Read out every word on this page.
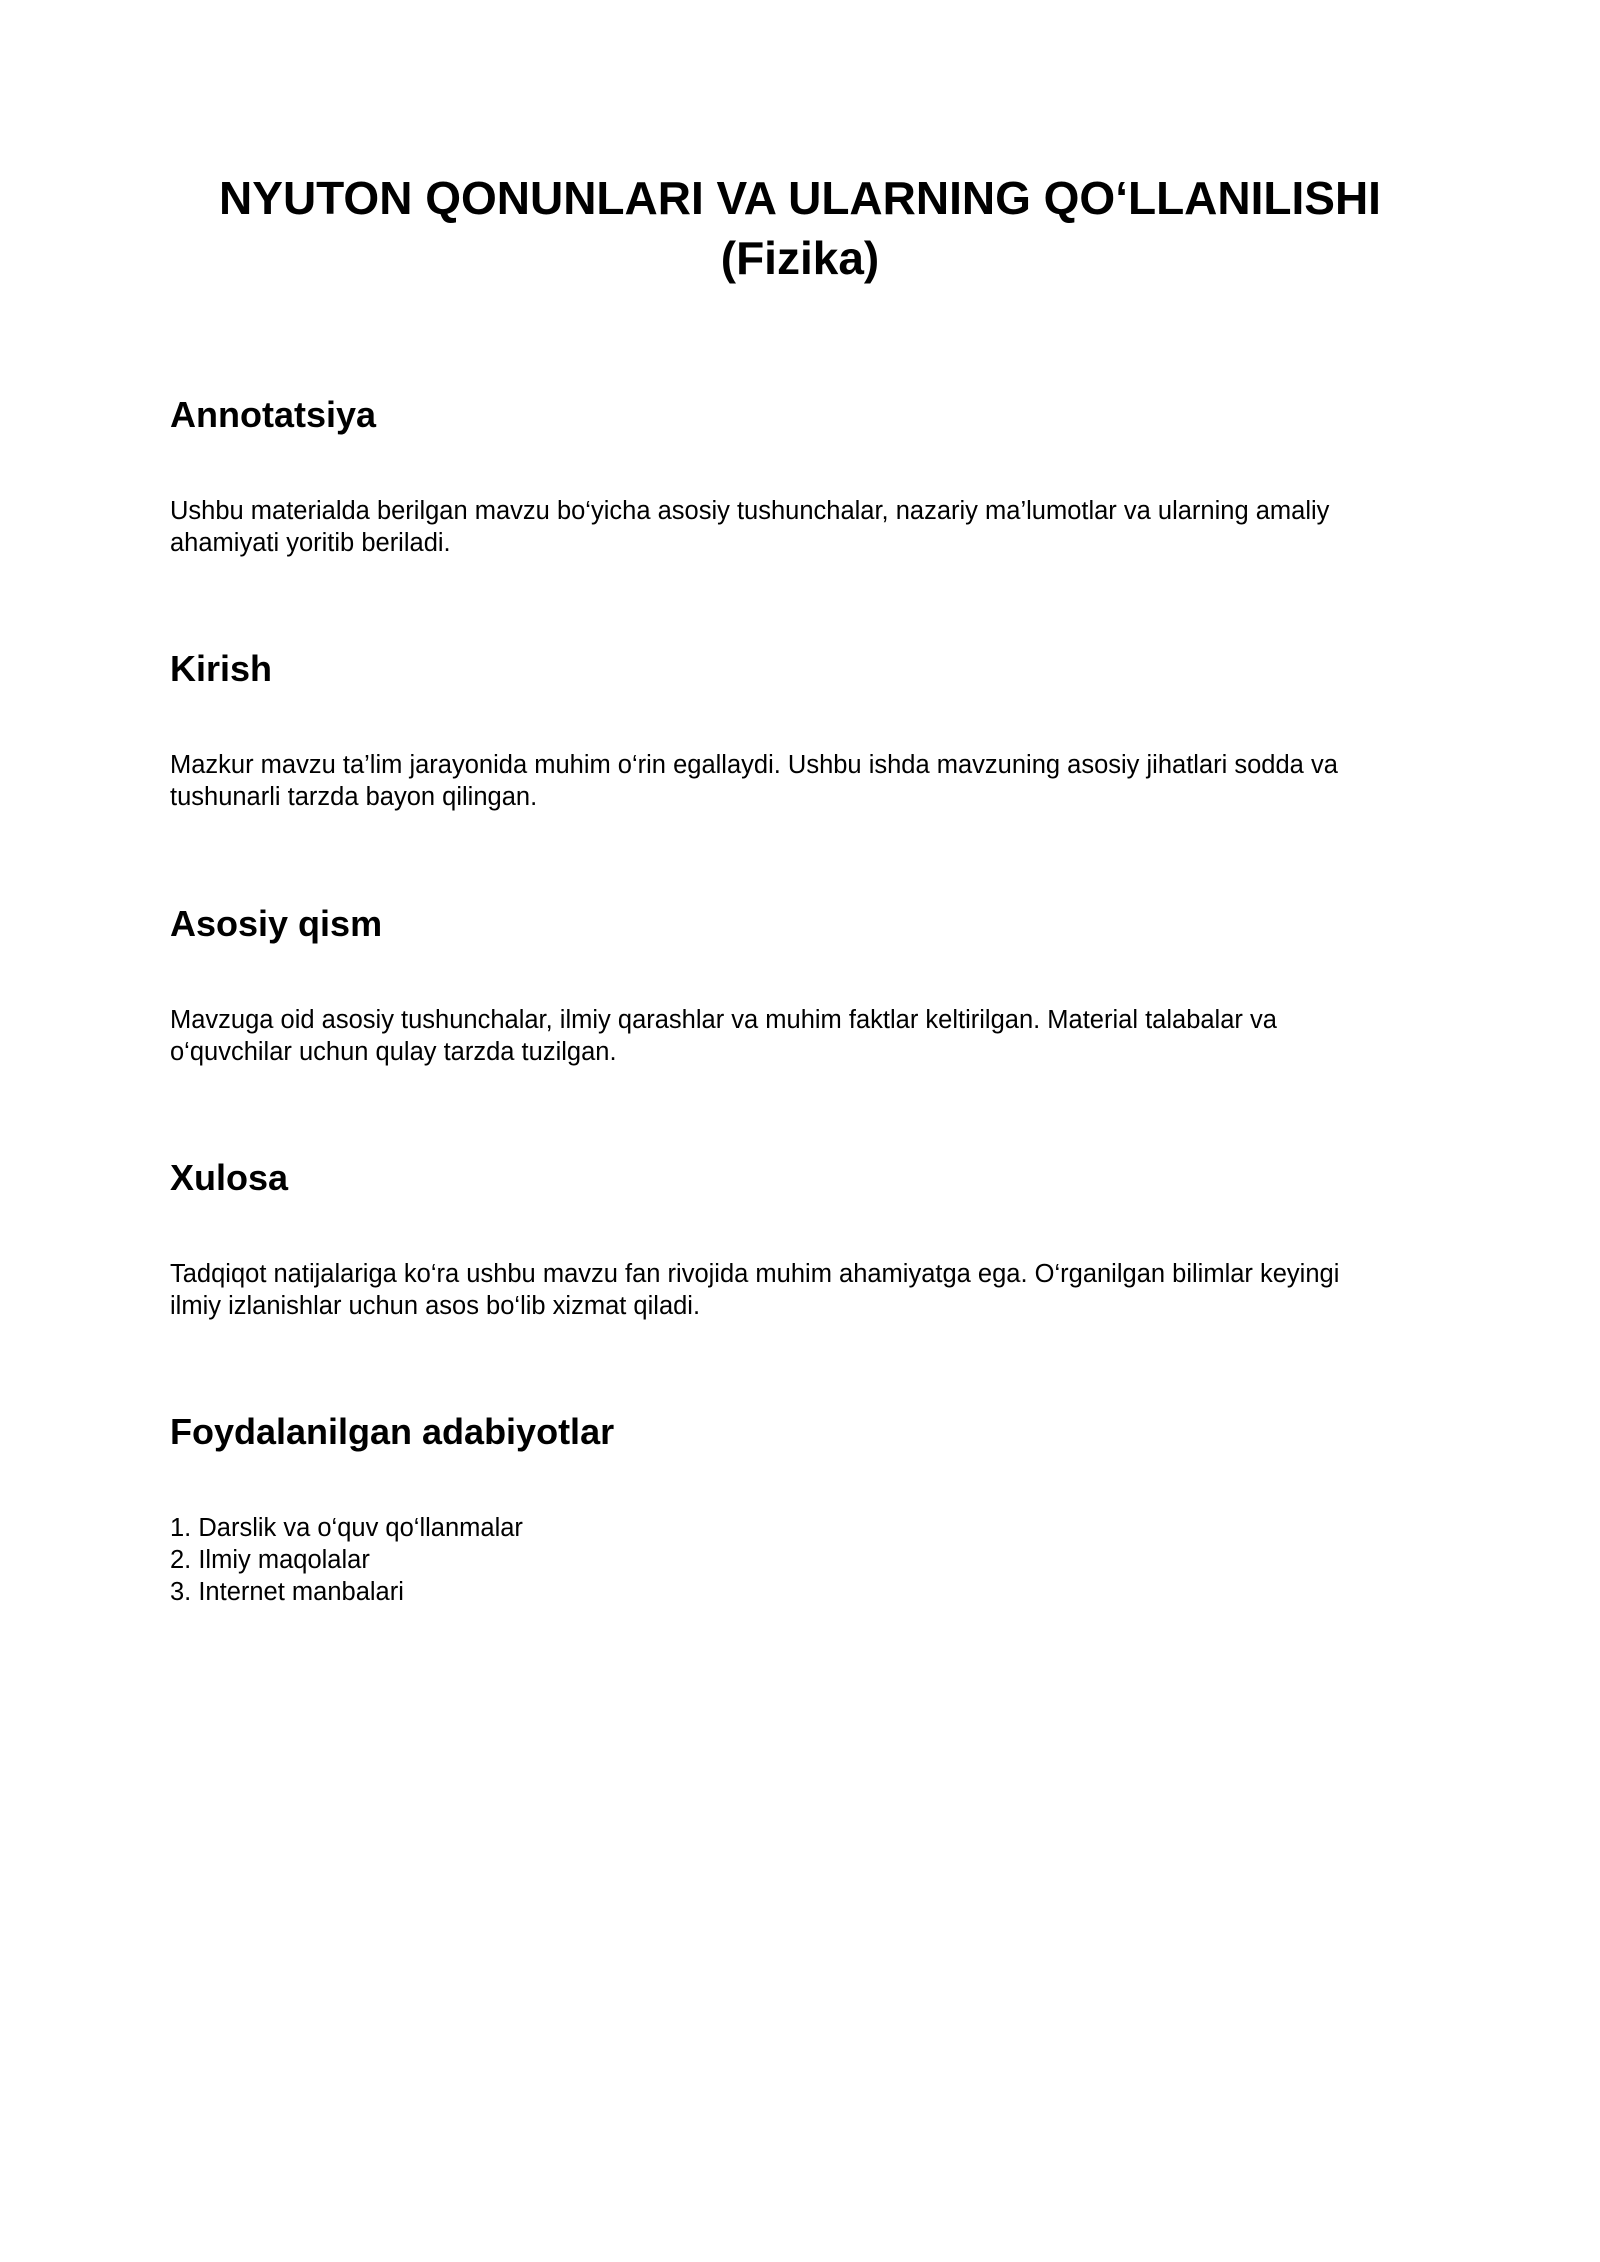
NYUTON QONUNLARI VA ULARNING QO‘LLANILISHI
(Fizika)
Annotatsiya

Ushbu materialda berilgan mavzu bo‘yicha asosiy tushunchalar, nazariy ma’lumotlar va ularning amaliy
ahamiyati yoritib beriladi.

Kirish

Mazkur mavzu ta’lim jarayonida muhim o‘rin egallaydi. Ushbu ishda mavzuning asosiy jihatlari sodda va
tushunarli tarzda bayon qilingan.

Asosiy qism

Mavzuga oid asosiy tushunchalar, ilmiy qarashlar va muhim faktlar keltirilgan. Material talabalar va
o‘quvchilar uchun qulay tarzda tuzilgan.

Xulosa

Tadqiqot natijalariga ko‘ra ushbu mavzu fan rivojida muhim ahamiyatga ega. O‘rganilgan bilimlar keyingi
ilmiy izlanishlar uchun asos bo‘lib xizmat qiladi.

Foydalanilgan adabiyotlar
1. Darslik va o‘quv qo‘llanmalar
2. Ilmiy maqolalar
3. Internet manbalari
